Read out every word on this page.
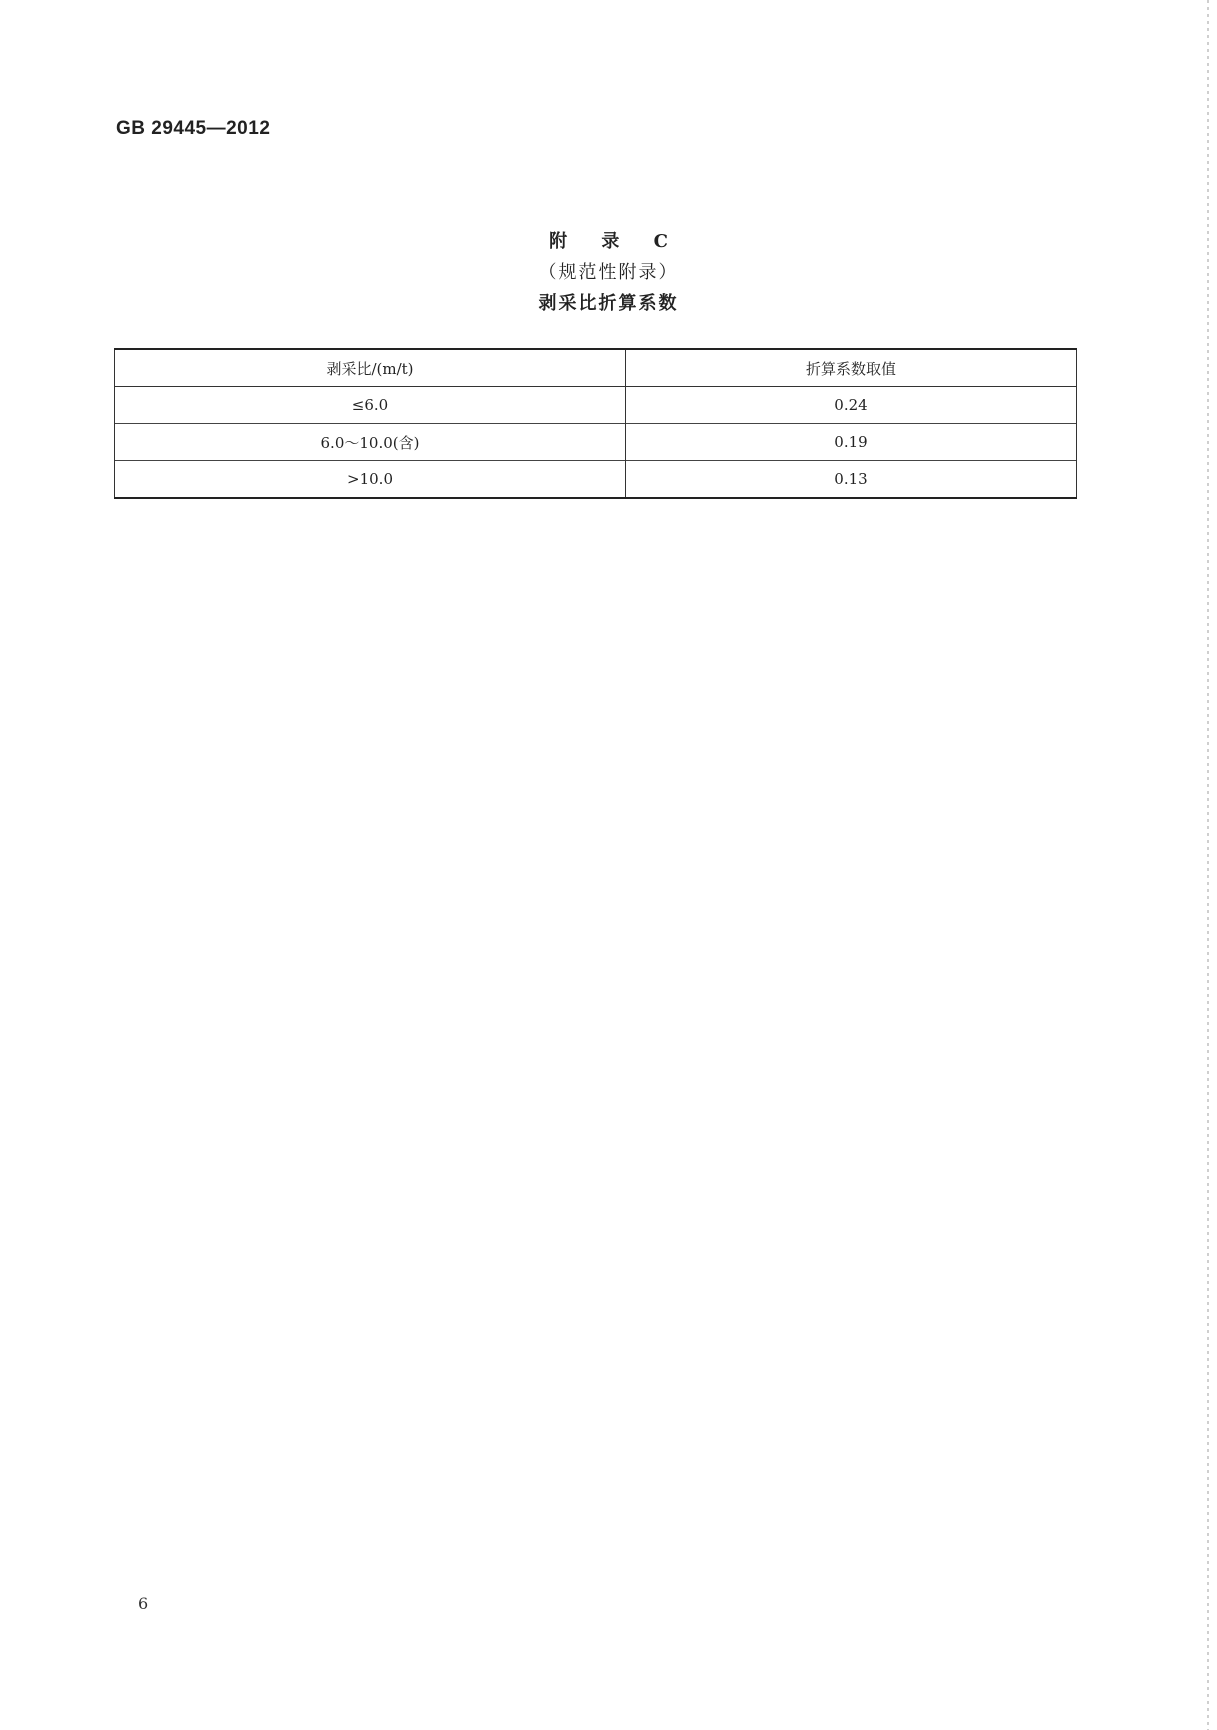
GB 29445—2012
附 录 C
（规范性附录）
剥采比折算系数
剥采比/(m/t)	折算系数取值
≤6.0	0.24
6.0～10.0(含)	0.19
>10.0	0.13
6
